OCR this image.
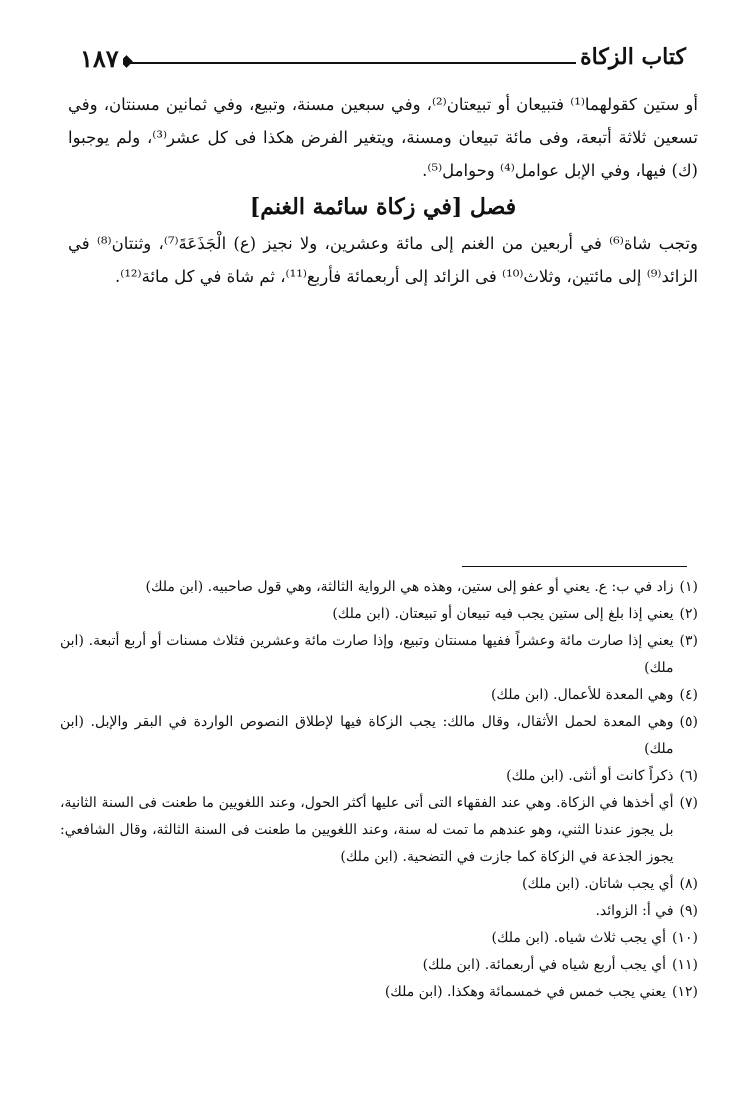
١٨٧	كتاب الزكاة

أو ستين كقولهما⁽¹⁾ فتبيعان أو تبيعتان⁽²⁾، وفي سبعين مسنة، وتبيع، وفي ثمانين مسنتان، وفي تسعين ثلاثة أتبعة، وفى مائة تبيعان ومسنة، ويتغير الفرض هكذا فى كل عشر⁽³⁾، ولم يوجبوا (ك) فيها، وفي الإبل عوامل⁽⁴⁾ وحوامل⁽⁵⁾.

فصل [في زكاة سائمة الغنم]

وتجب شاة⁽⁶⁾ في أربعين من الغنم إلى مائة وعشرين، ولا نجيز (ع) الْجَذَعَةَ⁽⁷⁾، وثنتان⁽⁸⁾ في الزائد⁽⁹⁾ إلى مائتين، وثلاث⁽¹⁰⁾ فى الزائد إلى أربعمائة فأربع⁽¹¹⁾، ثم شاة في كل مائة⁽¹²⁾.

(١)
زاد في ب: ع. يعني أو عفو إلى ستين، وهذه هي الرواية الثالثة، وهي قول صاحبيه. (ابن ملك)
(٢)
يعني إذا بلغ إلى ستين يجب فيه تبيعان أو تبيعتان. (ابن ملك)
(٣)
يعني إذا صارت مائة وعشراً ففيها مسنتان وتبيع، وإذا صارت مائة وعشرين فثلاث مسنات أو أربع أتبعة. (ابن ملك)
(٤)
وهي المعدة للأعمال. (ابن ملك)
(٥)
وهي المعدة لحمل الأثقال، وقال مالك: يجب الزكاة فيها لإطلاق النصوص الواردة في البقر والإبل. (ابن ملك)
(٦)
ذكراً كانت أو أنثى. (ابن ملك)
(٧)
أي أخذها في الزكاة. وهي عند الفقهاء التى أتى عليها أكثر الحول، وعند اللغويين ما طعنت فى السنة الثانية، بل يجوز عندنا الثني، وهو عندهم ما تمت له سنة، وعند اللغويين ما طعنت فى السنة الثالثة، وقال الشافعي: يجوز الجذعة في الزكاة كما جازت في التضحية. (ابن ملك)
(٨)
أي يجب شاتان. (ابن ملك)
(٩)
في أ: الزوائد.
(١٠)
أي يجب ثلاث شياه. (ابن ملك)
(١١)
أي يجب أربع شياه في أربعمائة. (ابن ملك)
(١٢)
يعني يجب خمس في خمسمائة وهكذا. (ابن ملك)
